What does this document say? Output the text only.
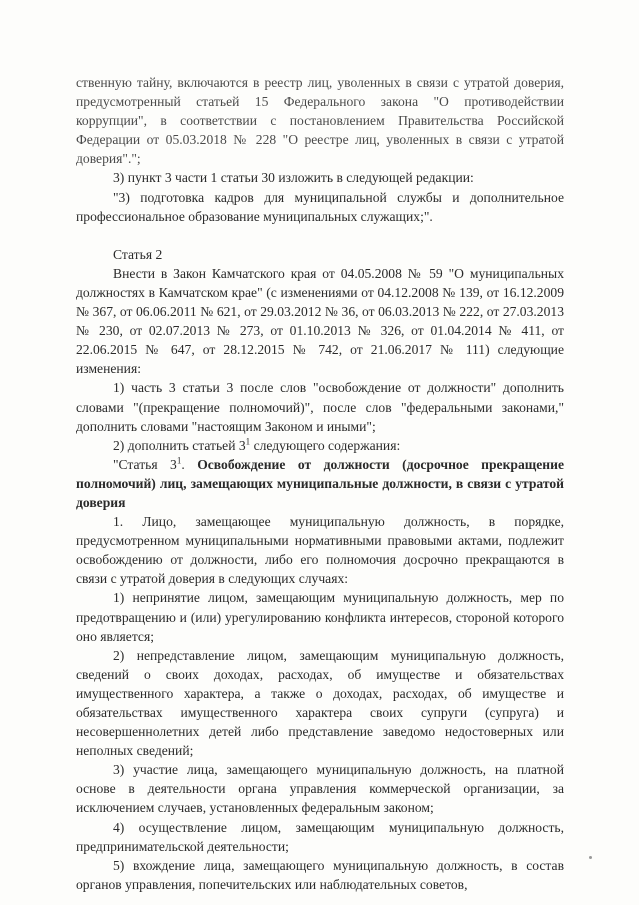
ственную тайну, включаются в реестр лиц, уволенных в связи с утратой доверия, предусмотренный статьей 15 Федерального закона "О противодействии коррупции", в соответствии с постановлением Правительства Российской Федерации от 05.03.2018 № 228 "О реестре лиц, уволенных в связи с утратой доверия".";

3) пункт 3 части 1 статьи 30 изложить в следующей редакции:

"3) подготовка кадров для муниципальной службы и дополнительное профессиональное образование муниципальных служащих;".

Статья 2

Внести в Закон Камчатского края от 04.05.2008 № 59 "О муниципальных должностях в Камчатском крае" (с изменениями от 04.12.2008 № 139, от 16.12.2009 № 367, от 06.06.2011 № 621, от 29.03.2012 № 36, от 06.03.2013 № 222, от 27.03.2013 № 230, от 02.07.2013 № 273, от 01.10.2013 № 326, от 01.04.2014 № 411, от 22.06.2015 № 647, от 28.12.2015 № 742, от 21.06.2017 № 111) следующие изменения:

1) часть 3 статьи 3 после слов "освобождение от должности" дополнить словами "(прекращение полномочий)", после слов "федеральными законами," дополнить словами "настоящим Законом и иными";

2) дополнить статьей $3^1$ следующего содержания:

"Статья $3^1$. Освобождение от должности (досрочное прекращение полномочий) лиц, замещающих муниципальные должности, в связи с утратой доверия

1. Лицо, замещающее муниципальную должность, в порядке, предусмотренном муниципальными нормативными правовыми актами, подлежит освобождению от должности, либо его полномочия досрочно прекращаются в связи с утратой доверия в следующих случаях:

1) непринятие лицом, замещающим муниципальную должность, мер по предотвращению и (или) урегулированию конфликта интересов, стороной которого оно является;

2) непредставление лицом, замещающим муниципальную должность, сведений о своих доходах, расходах, об имуществе и обязательствах имущественного характера, а также о доходах, расходах, об имуществе и обязательствах имущественного характера своих супруги (супруга) и несовершеннолетних детей либо представление заведомо недостоверных или неполных сведений;

3) участие лица, замещающего муниципальную должность, на платной основе в деятельности органа управления коммерческой организации, за исключением случаев, установленных федеральным законом;

4) осуществление лицом, замещающим муниципальную должность, предпринимательской деятельности;

5) вхождение лица, замещающего муниципальную должность, в состав органов управления, попечительских или наблюдательных советов,
